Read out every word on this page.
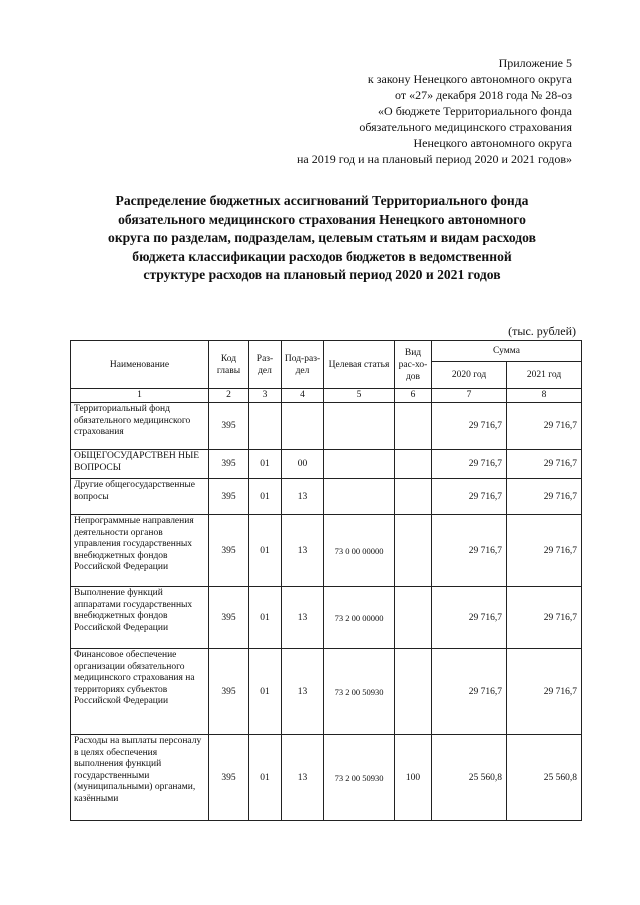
Приложение 5
к закону Ненецкого автономного округа
от «27» декабря 2018 года № 28-оз
«О бюджете Территориального фонда
обязательного медицинского страхования
Ненецкого автономного округа
на 2019 год и на плановый период 2020 и 2021 годов»
Распределение бюджетных ассигнований Территориального фонда
обязательного медицинского страхования Ненецкого автономного
округа по разделам, подразделам, целевым статьям и видам расходов
бюджета классификации расходов бюджетов в ведомственной
структуре расходов на плановый период 2020 и 2021 годов
(тыс. рублей)
Наименование	Код главы	Раз-дел	Под-раз-дел	Целевая статья	Вид рас-хо-дов	Сумма	
						2020 год	2021 год
1	2	3	4	5	6	7	8
Территориальный фонд обязательного медицинского страхования	395					29 716,7	29 716,7
ОБЩЕГОСУДАРСТВЕН НЫЕ ВОПРОСЫ	395	01	00			29 716,7	29 716,7
Другие общегосударственные вопросы	395	01	13			29 716,7	29 716,7
Непрограммные направления деятельности органов управления государственных внебюджетных фондов Российской Федерации	395	01	13	73 0 00 00000		29 716,7	29 716,7
Выполнение функций аппаратами государственных внебюджетных фондов Российской Федерации	395	01	13	73 2 00 00000		29 716,7	29 716,7
Финансовое обеспечение организации обязательного медицинского страхования на территориях субъектов Российской Федерации	395	01	13	73 2 00 50930		29 716,7	29 716,7
Расходы на выплаты персоналу в целях обеспечения выполнения функций государственными (муниципальными) органами, казёнными	395	01	13	73 2 00 50930	100	25 560,8	25 560,8
